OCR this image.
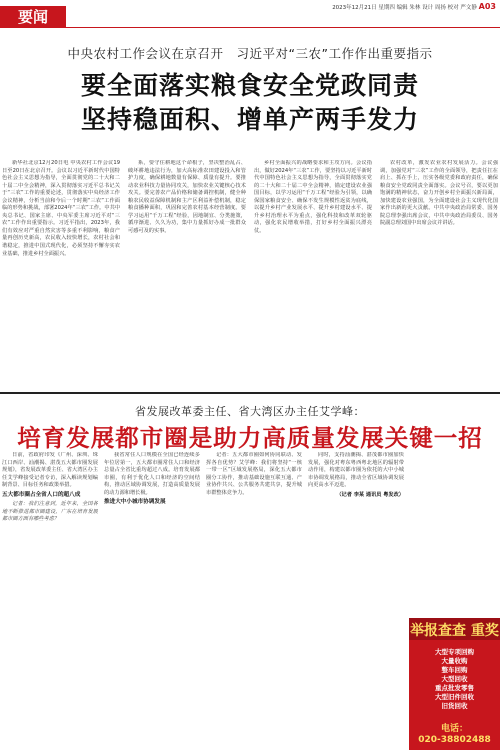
要闻	2023年12月21日 星期四 编辑 朱林 设计 周扬 校对 严文静 A03
中央农村工作会议在京召开　习近平对“三农”工作作出重要指示
要全面落实粮食安全党政同责
坚持稳面积、增单产两手发力

新华社北京12月20日电 中央农村工作会议19日至20日在北京召开。会议以习近平新时代中国特色社会主义思想为指导，全面贯彻党的二十大和二十届二中全会精神，深入贯彻落实习近平总书记关于“三农”工作的重要论述，贯彻落实中央经济工作会议精神，分析当前和今后一个时期“三农”工作面临的形势和挑战，部署2024年“三农”工作。中共中央总书记、国家主席、中央军委主席习近平对“三农”工作作出重要指示。习近平指出，2023年，我们有效应对严重自然灾害等多重不利影响，粮食产量再创历史新高，农民收入较快增长，农村社会和谐稳定，推进中国式现代化，必须坚持不懈夯实农业基础，推进乡村全面振兴。

系，要守住耕地这个命根子，坚决整治乱占、破坏耕地违法行为，加大高标准农田建设投入和管护力度，确保耕地数量有保障、质量有提升。要推动农业科技力量协同攻关，加快农业关键核心技术攻关。要完善农产品价格和储备调控机制，健全种粮农民收益保障机制和主产区利益补偿机制，稳定粮食播种面积，巩固和完善农村基本经营制度。要学习运用“千万工程”经验，因地制宜、分类施策，循序渐进、久久为功，集中力量抓好办成一批群众可感可及的实事。

乡村全面振兴的战略要求和主攻方向。会议指出，做好2024年“三农”工作，要坚持以习近平新时代中国特色社会主义思想为指导，全面贯彻落实党的二十大和二十届二中全会精神，锚定建设农业强国目标，以学习运用“千万工程”经验为引领，以确保国家粮食安全、确保不发生规模性返贫为底线，以提升乡村产业发展水平、提升乡村建设水平、提升乡村治理水平为重点，强化科技和改革双轮驱动，强化农民增收举措，打好乡村全面振兴漂亮仗。

农村改革，激发农业农村发展活力。会议强调，加强党对“三农”工作的全面领导，把责任扛在肩上、抓在手上，压实各级党委和政府责任，确保粮食安全党政同责全面落实。会议号召，要以更加饱满的精神状态，奋力开创乡村全面振兴新局面，加快建设农业强国，为全面建设社会主义现代化国家作出新的更大贡献。中共中央政治局常委、国务院总理李强出席会议，中共中央政治局委员、国务院副总理刘国中出席会议并讲话。

省发展改革委主任、省大湾区办主任艾学峰：
培育发展都市圈是助力高质量发展关键一招

日前，省政府印发《广州、深圳、珠江口西岸、汕潮揭、湛茂五大都市圈发展规划》，省发展改革委主任、省大湾区办主任艾学峰接受记者专访，深入解读规划编制背景、目标任务和政策举措。

五大都市圈占全省人口的超八成

记者：我们注意到，近年来，全国各地不断推进都市圈建设，广东在培育发展都市圈方面有哪些考虑？

我省常住人口规模在全国已经连续多年位居第一，五大都市圈常住人口和经济总量占全省比重均超过八成。培育发展都市圈，有利于优化人口和经济的空间结构，推动区域协调发展，打造高质量发展的动力源和增长极。

推进大中小城市协调发展

记者：五大都市圈如何协同联动、发挥各自优势？艾学峰：我们将坚持“一核一带一区”区域发展格局，深化五大都市圈分工协作，推动基础设施互联互通、产业协作共兴、公共服务共建共享，提升城市群整体竞争力。

同时，支持汕潮揭、湛茂都市圈加快发展，强化对粤东粤西粤北地区的辐射带动作用，构建以都市圈为依托的大中小城市协调发展格局，推动全省区域协调发展向更高水平迈进。

（记者 李某 通讯员 粤发改）

举报查查 重奖
大型专项回购
大量收购
整车回购
大型回收
重点批发零售
大型旧件回收
旧货回收
电话：
020-38802488
